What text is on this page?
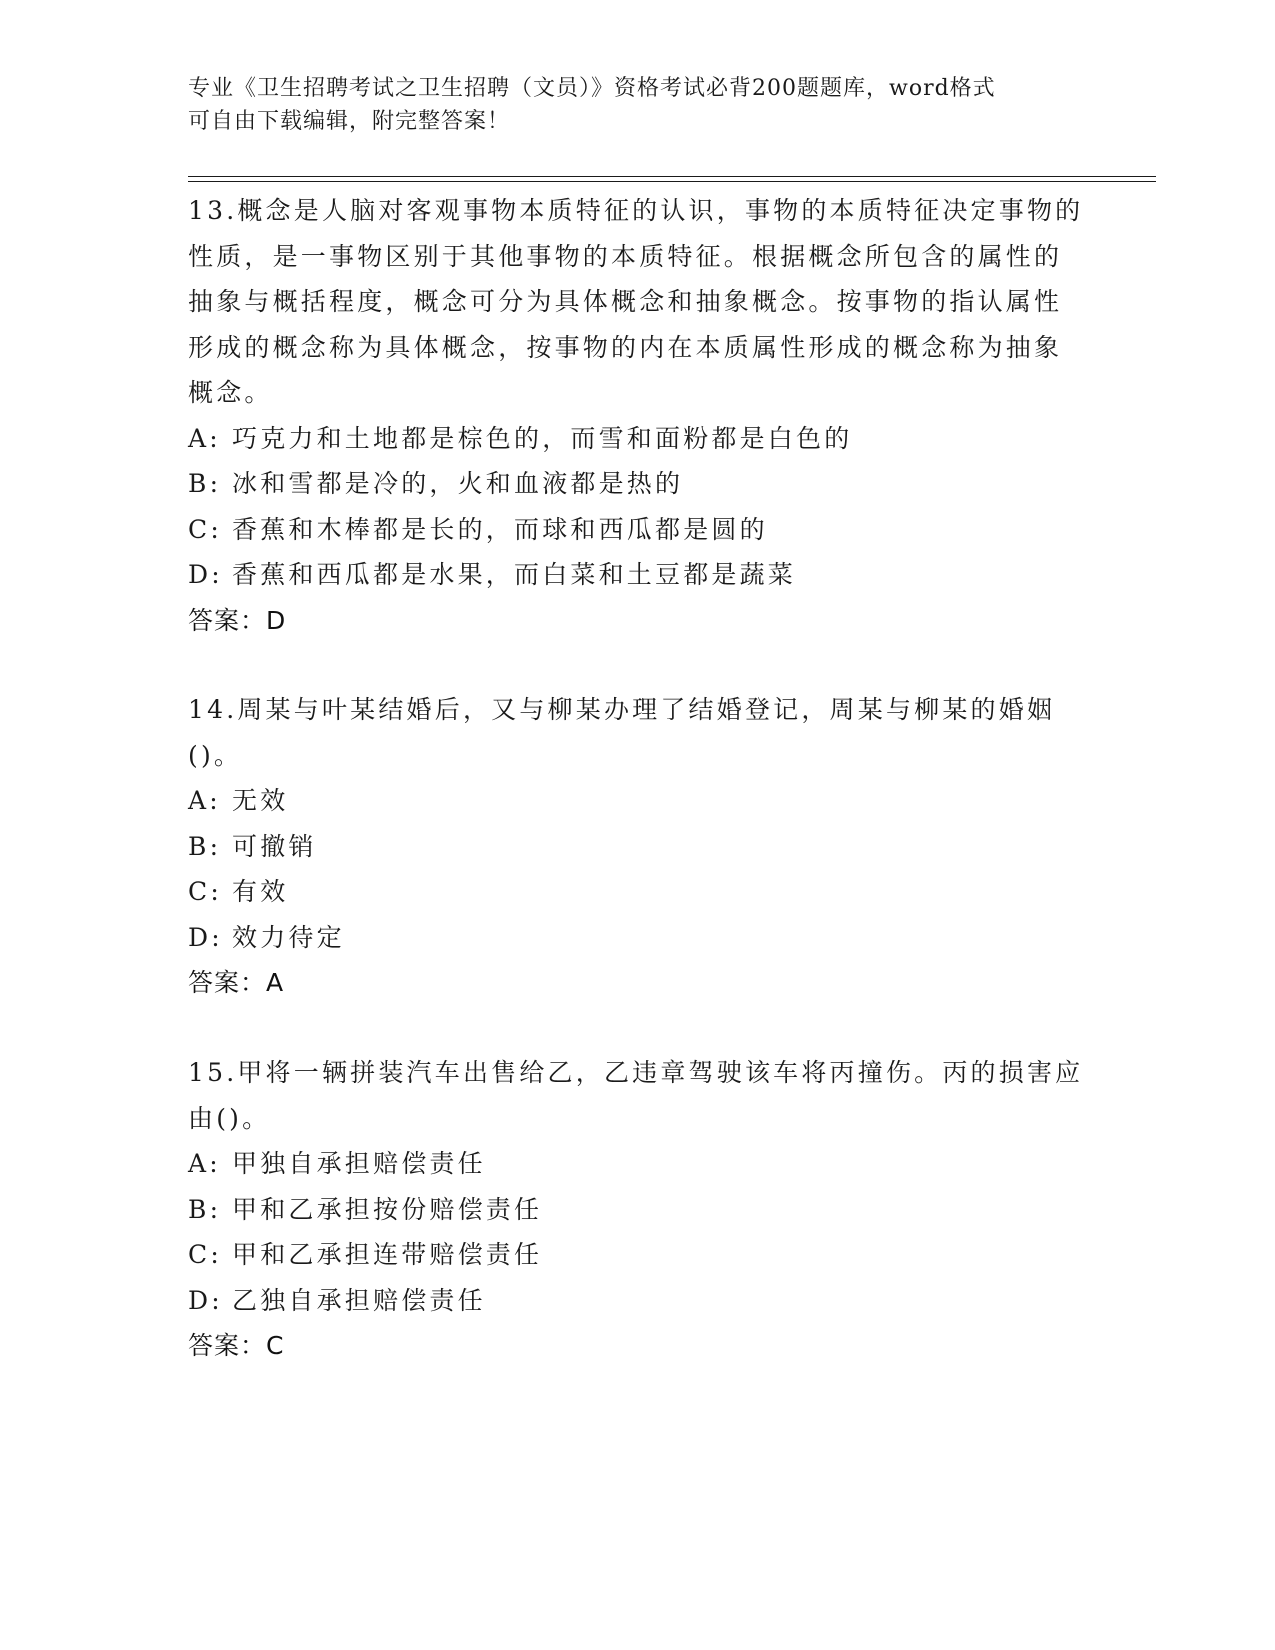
专业《卫生招聘考试之卫生招聘（文员）》资格考试必背200题题库，word格式
可自由下载编辑，附完整答案！

13.概念是人脑对客观事物本质特征的认识，事物的本质特征决定事物的性质，是一事物区别于其他事物的本质特征。根据概念所包含的属性的抽象与概括程度，概念可分为具体概念和抽象概念。按事物的指认属性形成的概念称为具体概念，按事物的内在本质属性形成的概念称为抽象概念。

A: 巧克力和土地都是棕色的，而雪和面粉都是白色的

B: 冰和雪都是冷的，火和血液都是热的

C: 香蕉和木棒都是长的，而球和西瓜都是圆的

D: 香蕉和西瓜都是水果，而白菜和土豆都是蔬菜

答案：D

14.周某与叶某结婚后，又与柳某办理了结婚登记，周某与柳某的婚姻()。

A: 无效

B: 可撤销

C: 有效

D: 效力待定

答案：A

15.甲将一辆拼装汽车出售给乙，乙违章驾驶该车将丙撞伤。丙的损害应由()。

A: 甲独自承担赔偿责任

B: 甲和乙承担按份赔偿责任

C: 甲和乙承担连带赔偿责任

D: 乙独自承担赔偿责任

答案：C
